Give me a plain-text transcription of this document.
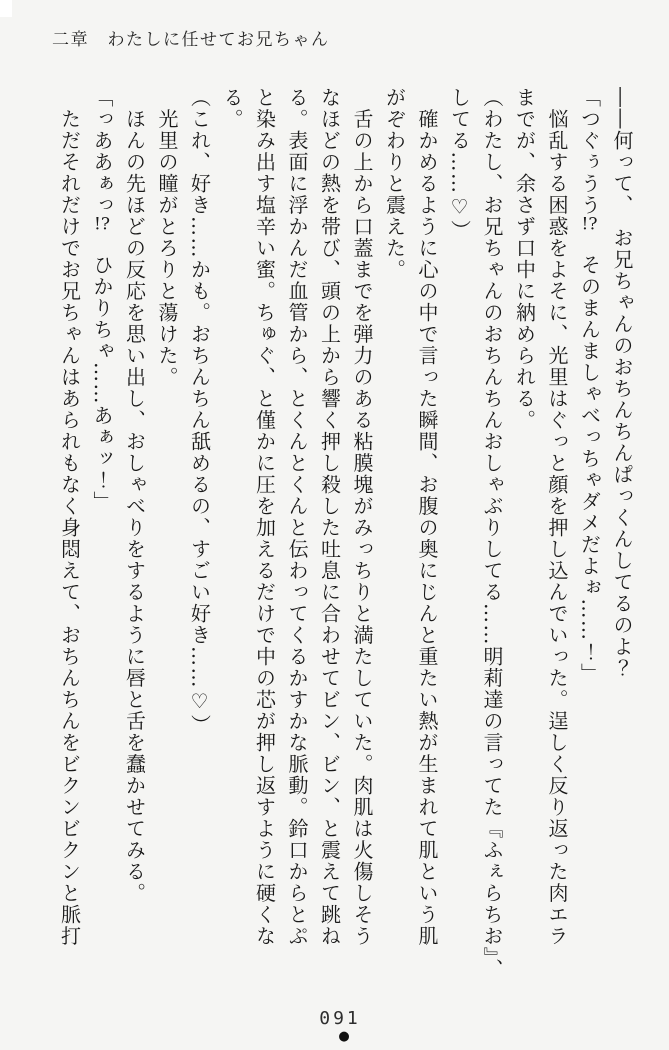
二章　わたしに任せてお兄ちゃん

――何って、　お兄ちゃんのおちんちんぱっくんしてるのよ？

「つぐぅうう!?　そのまんましゃべっちゃダメだよぉ……！」

　悩乱する困惑をよそに、光里はぐっと顔を押し込んでいった。逞しく反り返った肉エラ

までが、余さず口中に納められる。

（わたし、お兄ちゃんのおちんちんおしゃぶりしてる……明莉達の言ってた『ふぇらちお』、

してる……♡）

　確かめるように心の中で言った瞬間、お腹の奥にじんと重たい熱が生まれて肌という肌

がぞわりと震えた。

　舌の上から口蓋までを弾力のある粘膜塊がみっちりと満たしていた。肉肌は火傷しそう

なほどの熱を帯び、頭の上から響く押し殺した吐息に合わせてビン、ビン、と震えて跳ね

る。表面に浮かんだ血管から、とくんとくんと伝わってくるかすかな脈動。鈴口からとぷ

と染み出す塩辛い蜜。ちゅぐ、と僅かに圧を加えるだけで中の芯が押し返すように硬くな

る。

（これ、好き……かも。おちんちん舐めるの、すごい好き……♡）

　光里の瞳がとろりと蕩けた。

　ほんの先ほどの反応を思い出し、おしゃべりをするように唇と舌を蠢かせてみる。

「っああぁっ!?　ひかりちゃ……あぁッ！」

　ただそれだけでお兄ちゃんはあられもなく身悶えて、おちんちんをビクンビクンと脈打

091
●
